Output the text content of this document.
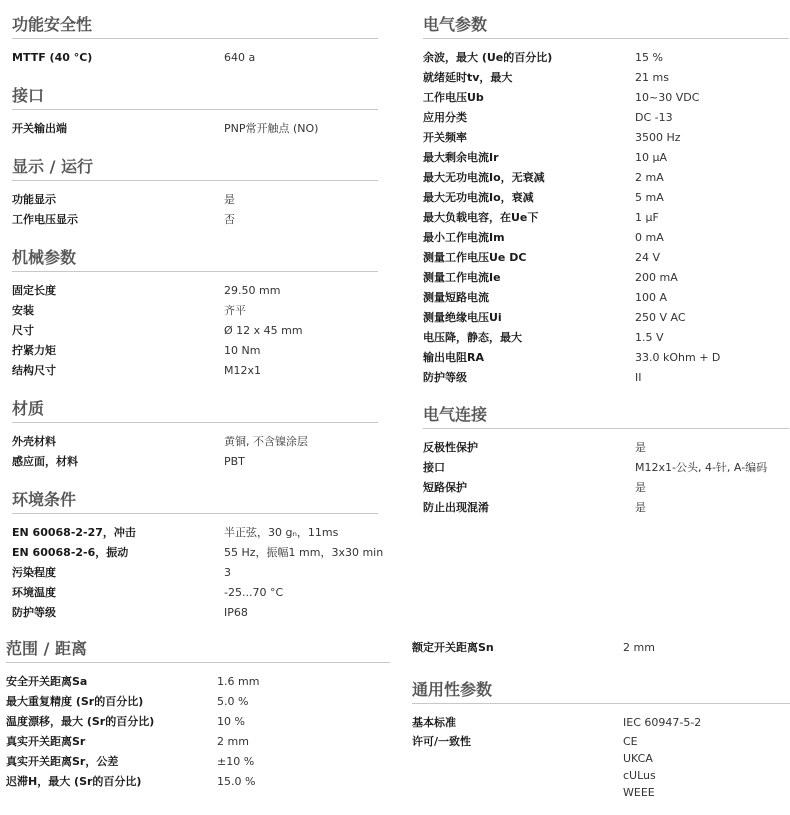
功能安全性
MTTF (40 °C)	640 a
接口
开关输出端	PNP常开触点 (NO)
显示 / 运行
功能显示	是
工作电压显示	否
机械参数
固定长度	29.50 mm
安装	齐平
尺寸	Ø 12 x 45 mm
拧紧力矩	10 Nm
结构尺寸	M12x1
材质
外壳材料	黄铜, 不含镍涂层
感应面，材料	PBT
环境条件
EN 60068-2-27，冲击	半正弦，30 gₙ，11ms
EN 60068-2-6，振动	55 Hz，振幅1 mm，3x30 min
污染程度	3
环境温度	-25...70 °C
防护等级	IP68
范围 / 距离
安全开关距离Sa	1.6 mm
最大重复精度 (Sr的百分比)	5.0 %
温度漂移，最大 (Sr的百分比)	10 %
真实开关距离Sr	2 mm
真实开关距离Sr，公差	±10 %
迟滞H，最大 (Sr的百分比)	15.0 %
电气参数
余波，最大 (Ue的百分比)	15 %
就绪延时tv，最大	21 ms
工作电压Ub	10~30 VDC
应用分类	DC -13
开关频率	3500 Hz
最大剩余电流Ir	10 µA
最大无功电流Io，无衰减	2 mA
最大无功电流Io，衰减	5 mA
最大负载电容，在Ue下	1 µF
最小工作电流Im	0 mA
测量工作电压Ue DC	24 V
测量工作电流Ie	200 mA
测量短路电流	100 A
测量绝缘电压Ui	250 V AC
电压降，静态，最大	1.5 V
输出电阻RA	33.0 kOhm + D
防护等级	II
电气连接
反极性保护	是
接口	M12x1-公头, 4-针, A-编码
短路保护	是
防止出现混淆	是
额定开关距离Sn	2 mm
通用性参数
基本标准	IEC 60947-5-2
许可/一致性	CE
UKCA
cULus
WEEE
